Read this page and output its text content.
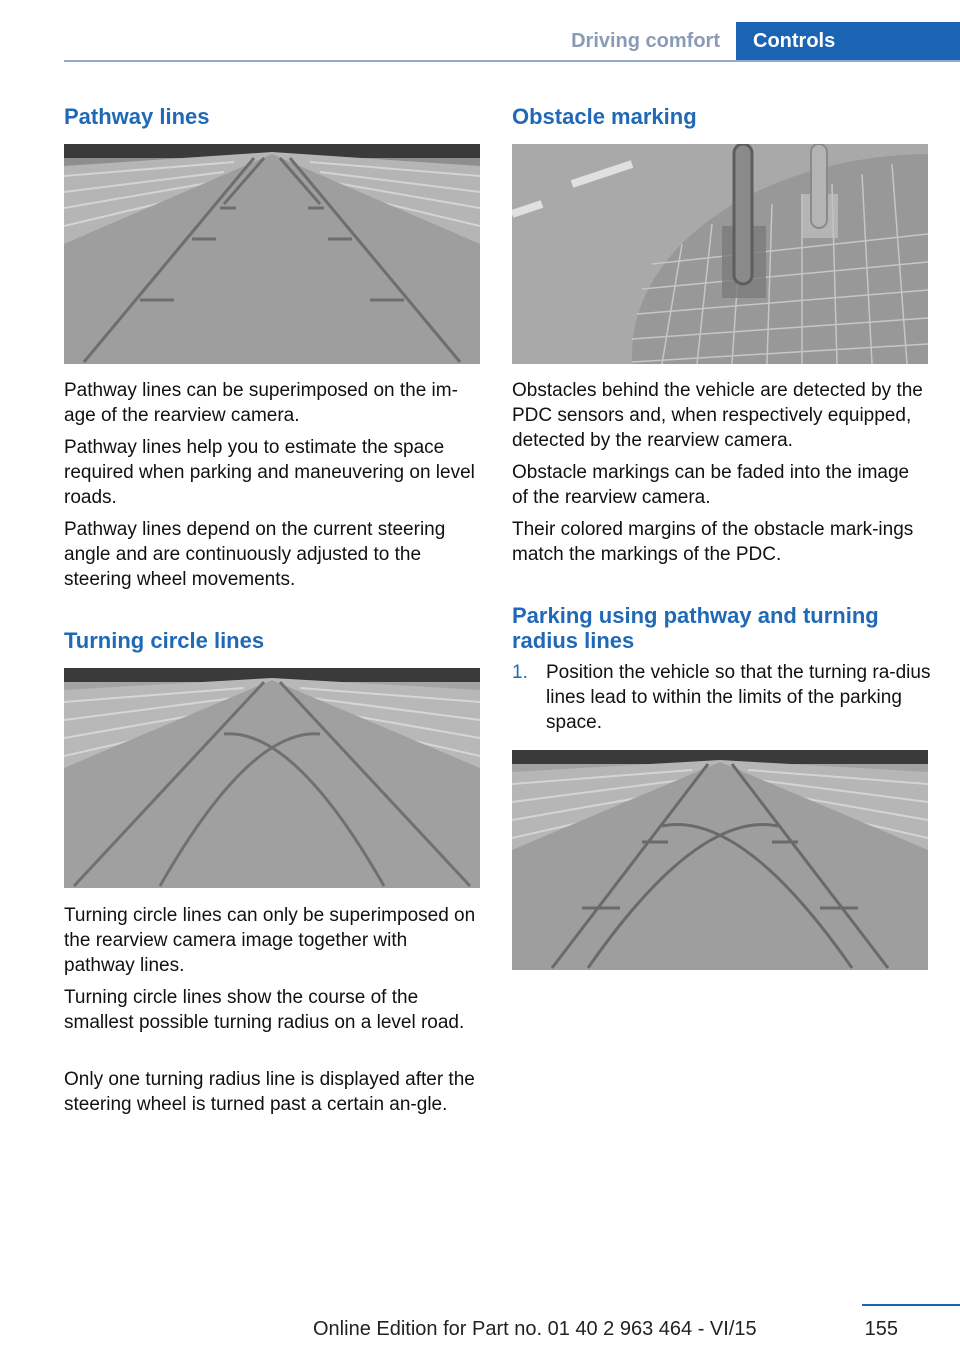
Driving comfort	Controls
Pathway lines

Pathway lines can be superimposed on the im-age of the rearview camera.

Pathway lines help you to estimate the space required when parking and maneuvering on level roads.

Pathway lines depend on the current steering angle and are continuously adjusted to the steering wheel movements.

Turning circle lines

Turning circle lines can only be superimposed on the rearview camera image together with pathway lines.

Turning circle lines show the course of the smallest possible turning radius on a level road.

Only one turning radius line is displayed after the steering wheel is turned past a certain an-gle.

Obstacle marking

Obstacles behind the vehicle are detected by the PDC sensors and, when respectively equipped, detected by the rearview camera.

Obstacle markings can be faded into the image of the rearview camera.

Their colored margins of the obstacle mark-ings match the markings of the PDC.

Parking using pathway and turning radius lines
1. Position the vehicle so that the turning ra-dius lines lead to within the limits of the parking space.
155
Online Edition for Part no. 01 40 2 963 464 - VI/15
